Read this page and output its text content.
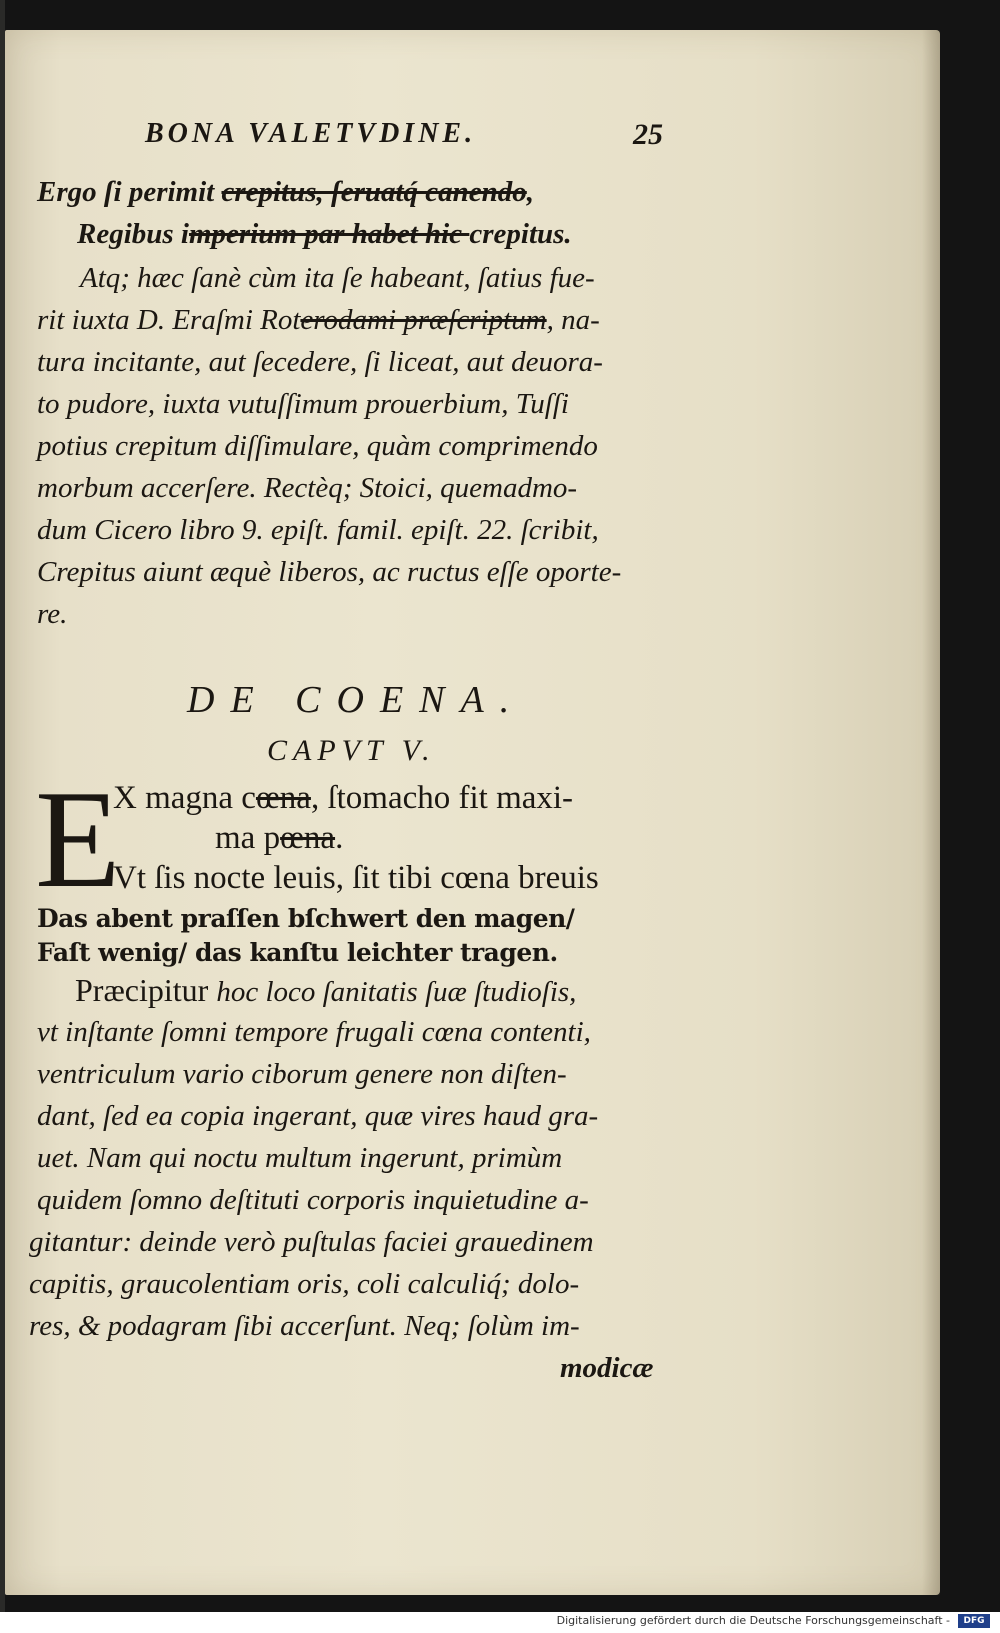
BONA VALETVDINE.	25
Ergo ſi perimit crepitus, ſeruatq́ canendo,
Regibus imperium par habet hic crepitus.
Atq; hæc ſanè cùm ita ſe habeant, ſatius fue-
rit iuxta D. Eraſmi Roterodami præſcriptum, na-
tura incitante, aut ſecedere, ſi liceat, aut deuora-
to pudore, iuxta vutuſſimum prouerbium, Tuſſi
potius crepitum diſſimulare, quàm comprimendo
morbum accerſere. Rectèq; Stoici, quemadmo-
dum Cicero libro 9. epiſt. famil. epiſt. 22. ſcribit,
Crepitus aiunt æquè liberos, ac ructus eſſe oporte-
re.
DE COENA.
CAPVT V.
E
X magna cœna, ſtomacho fit maxi-
ma pœna.
Vt ſis nocte leuis, ſit tibi cœna breuis
Das abent praſſen bſchwert den magen/
Faſt wenig/ das kanſtu leichter tragen.
Præcipitur hoc loco ſanitatis ſuæ ſtudioſis,
vt inſtante ſomni tempore frugali cœna contenti,
ventriculum vario ciborum genere non diſten-
dant, ſed ea copia ingerant, quæ vires haud gra-
uet. Nam qui noctu multum ingerunt, primùm
quidem ſomno deſtituti corporis inquietudine a-
gitantur: deinde verò puſtulas faciei grauedinem
capitis, graucolentiam oris, coli calculiq́; dolo-
res, & podagram ſibi accerſunt. Neq; ſolùm im-
modicæ
Digitalisierung gefördert durch die Deutsche Forschungsgemeinschaft -	DFG
